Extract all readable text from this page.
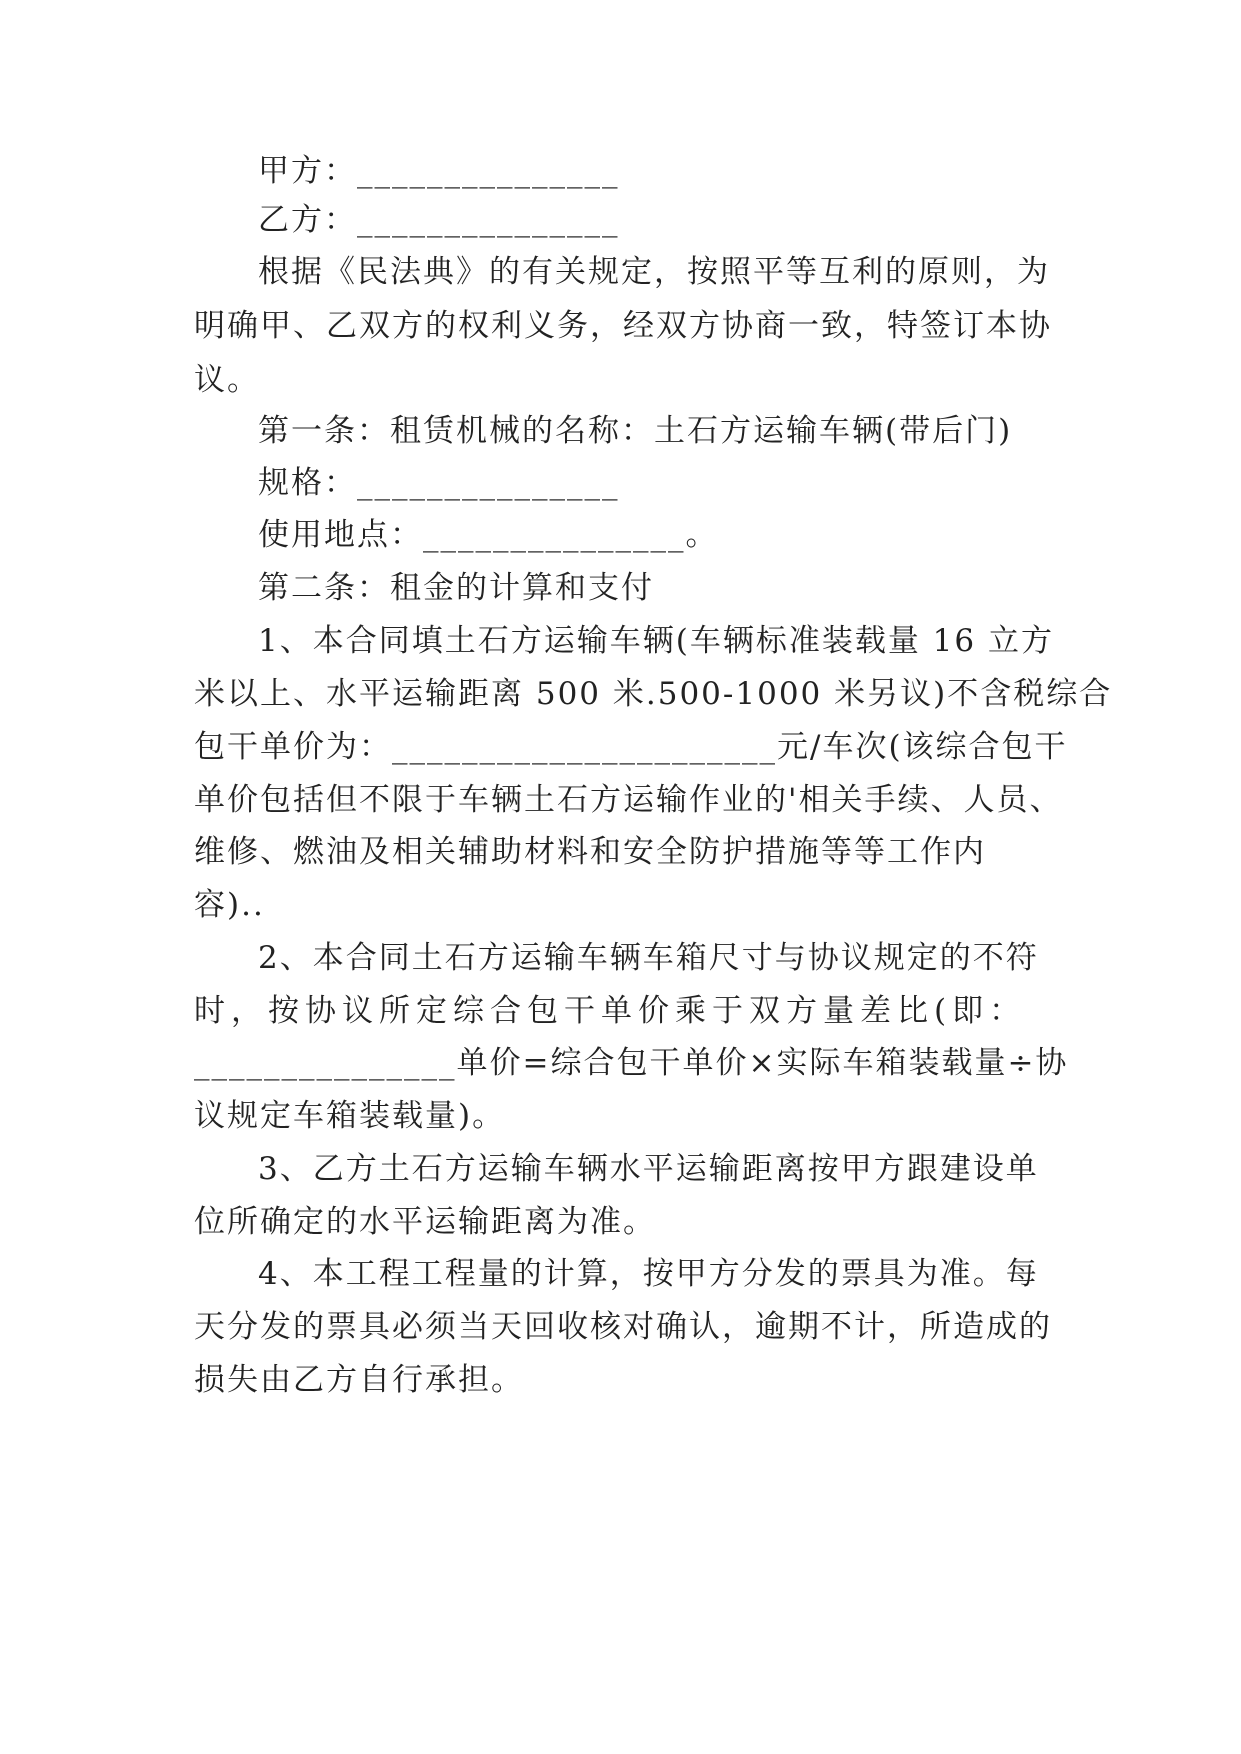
甲方：_______________
乙方：_______________
根据《民法典》的有关规定，按照平等互利的原则，为
明确甲、乙双方的权利义务，经双方协商一致，特签订本协
议。
第一条：租赁机械的名称：土石方运输车辆(带后门)
规格：_______________
使用地点：_______________。
第二条：租金的计算和支付
1、本合同填土石方运输车辆(车辆标准装载量 16 立方
米以上、水平运输距离 500 米.500-1000 米另议)不含税综合
包干单价为：______________________元/车次(该综合包干
单价包括但不限于车辆土石方运输作业的'相关手续、人员、
维修、燃油及相关辅助材料和安全防护措施等等工作内
容)..
2、本合同土石方运输车辆车箱尺寸与协议规定的不符
时，按协议所定综合包干单价乘于双方量差比(即：
_______________单价=综合包干单价×实际车箱装载量÷协
议规定车箱装载量)。
3、乙方土石方运输车辆水平运输距离按甲方跟建设单
位所确定的水平运输距离为准。
4、本工程工程量的计算，按甲方分发的票具为准。每
天分发的票具必须当天回收核对确认，逾期不计，所造成的
损失由乙方自行承担。
